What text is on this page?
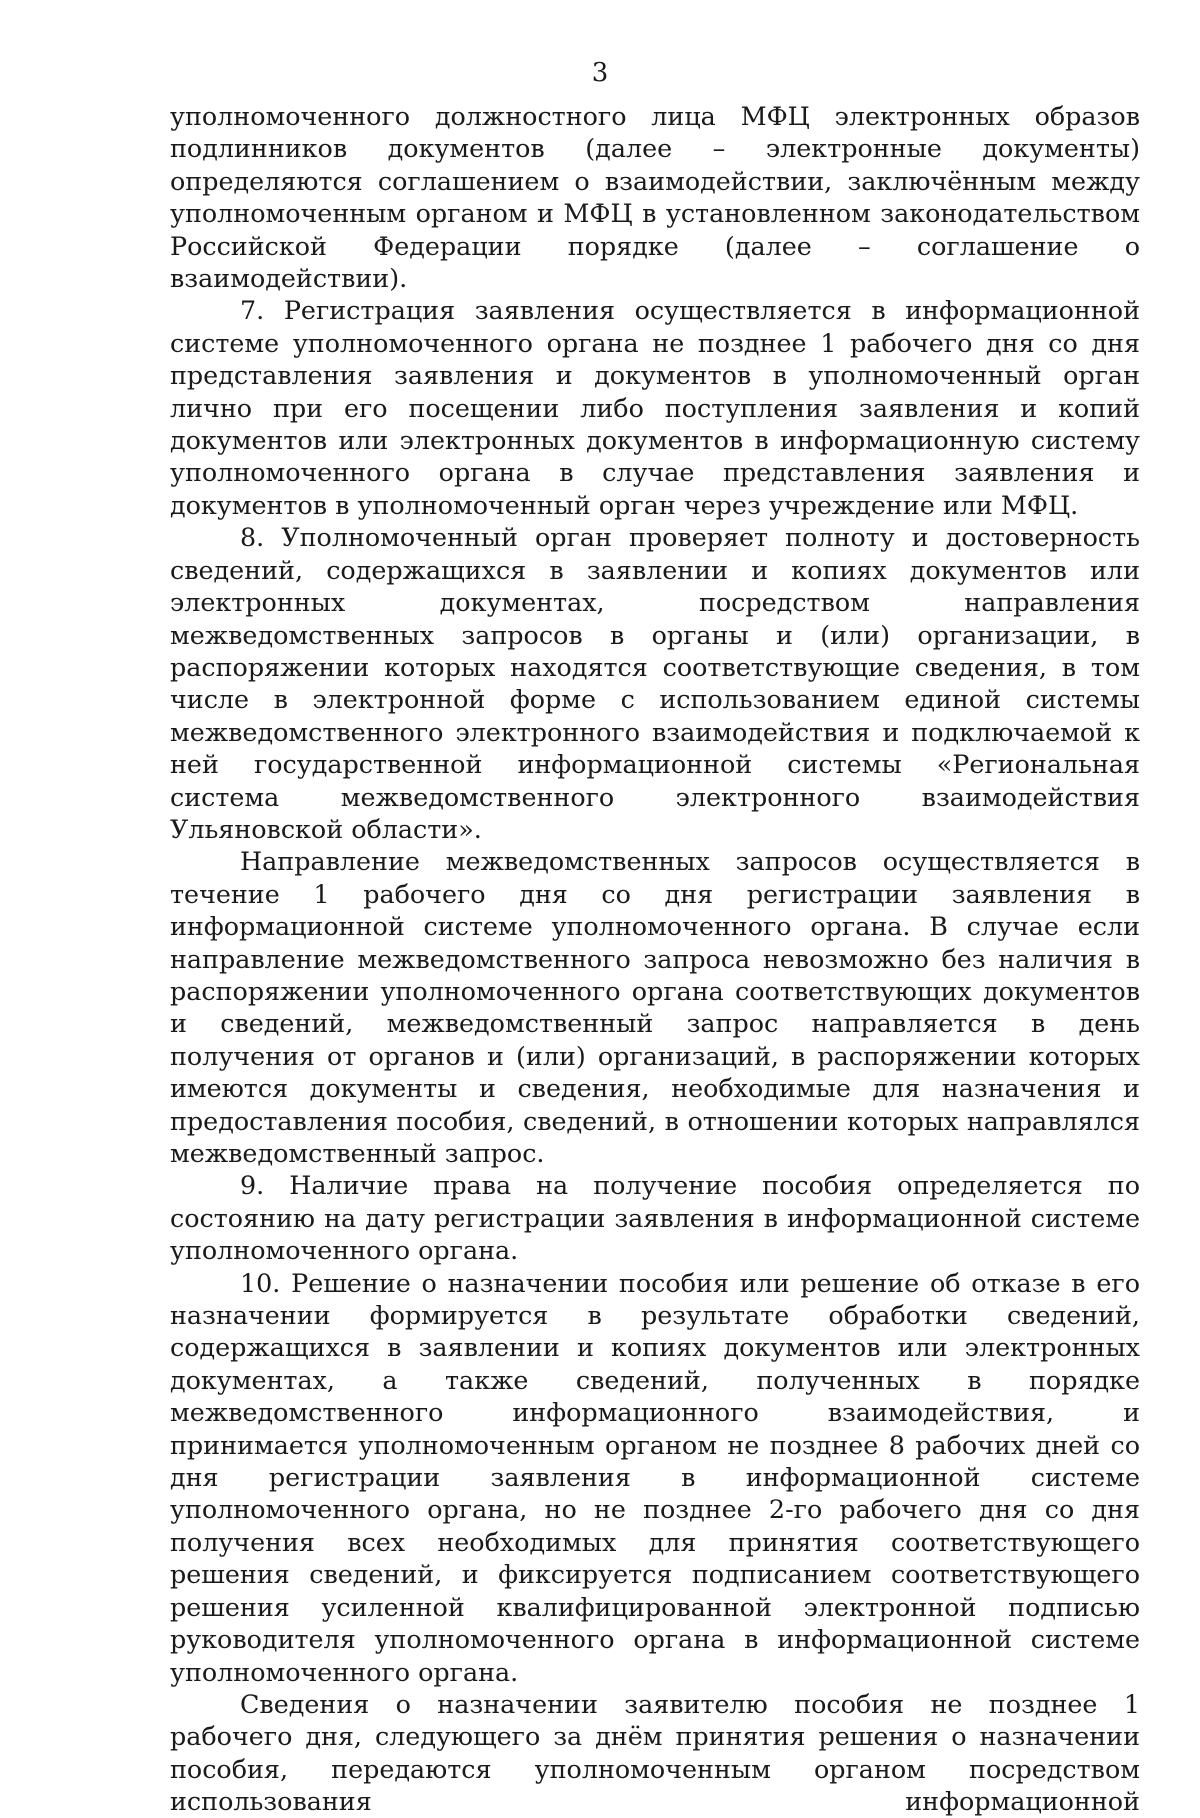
3

уполномоченного должностного лица МФЦ электронных образов подлинников документов (далее – электронные документы) определяются соглашением о взаимодействии, заключённым между уполномоченным органом и МФЦ в установленном законодательством Российской Федерации порядке (далее – соглашение о взаимодействии).

7. Регистрация заявления осуществляется в информационной системе уполномоченного органа не позднее 1 рабочего дня со дня представления заявления и документов в уполномоченный орган лично при его посещении либо поступления заявления и копий документов или электронных документов в информационную систему уполномоченного органа в случае представления заявления и документов в уполномоченный орган через учреждение или МФЦ.

8. Уполномоченный орган проверяет полноту и достоверность сведений, содержащихся в заявлении и копиях документов или электронных документах, посредством направления межведомственных запросов в органы и (или) организации, в распоряжении которых находятся соответствующие сведения, в том числе в электронной форме с использованием единой системы межведомственного электронного взаимодействия и подключаемой к ней государственной информационной системы «Региональная система межведомственного электронного взаимодействия Ульяновской области».

Направление межведомственных запросов осуществляется в течение 1 рабочего дня со дня регистрации заявления в информационной системе уполномоченного органа. В случае если направление межведомственного запроса невозможно без наличия в распоряжении уполномоченного органа соответствующих документов и сведений, межведомственный запрос направляется в день получения от органов и (или) организаций, в распоряжении которых имеются документы и сведения, необходимые для назначения и предоставления пособия, сведений, в отношении которых направлялся межведомственный запрос.

9. Наличие права на получение пособия определяется по состоянию на дату регистрации заявления в информационной системе уполномоченного органа.

10. Решение о назначении пособия или решение об отказе в его назначении формируется в результате обработки сведений, содержащихся в заявлении и копиях документов или электронных документах, а также сведений, полученных в порядке межведомственного информационного взаимодействия, и принимается уполномоченным органом не позднее 8 рабочих дней со дня регистрации заявления в информационной системе уполномоченного органа, но не позднее 2-го рабочего дня со дня получения всех необходимых для принятия соответствующего решения сведений, и фиксируется подписанием соответствующего решения усиленной квалифицированной электронной подписью руководителя уполномоченного органа в информационной системе уполномоченного органа.

Сведения о назначении заявителю пособия не позднее 1 рабочего дня, следующего за днём принятия решения о назначении пособия, передаются уполномоченным органом посредством использования информационной
